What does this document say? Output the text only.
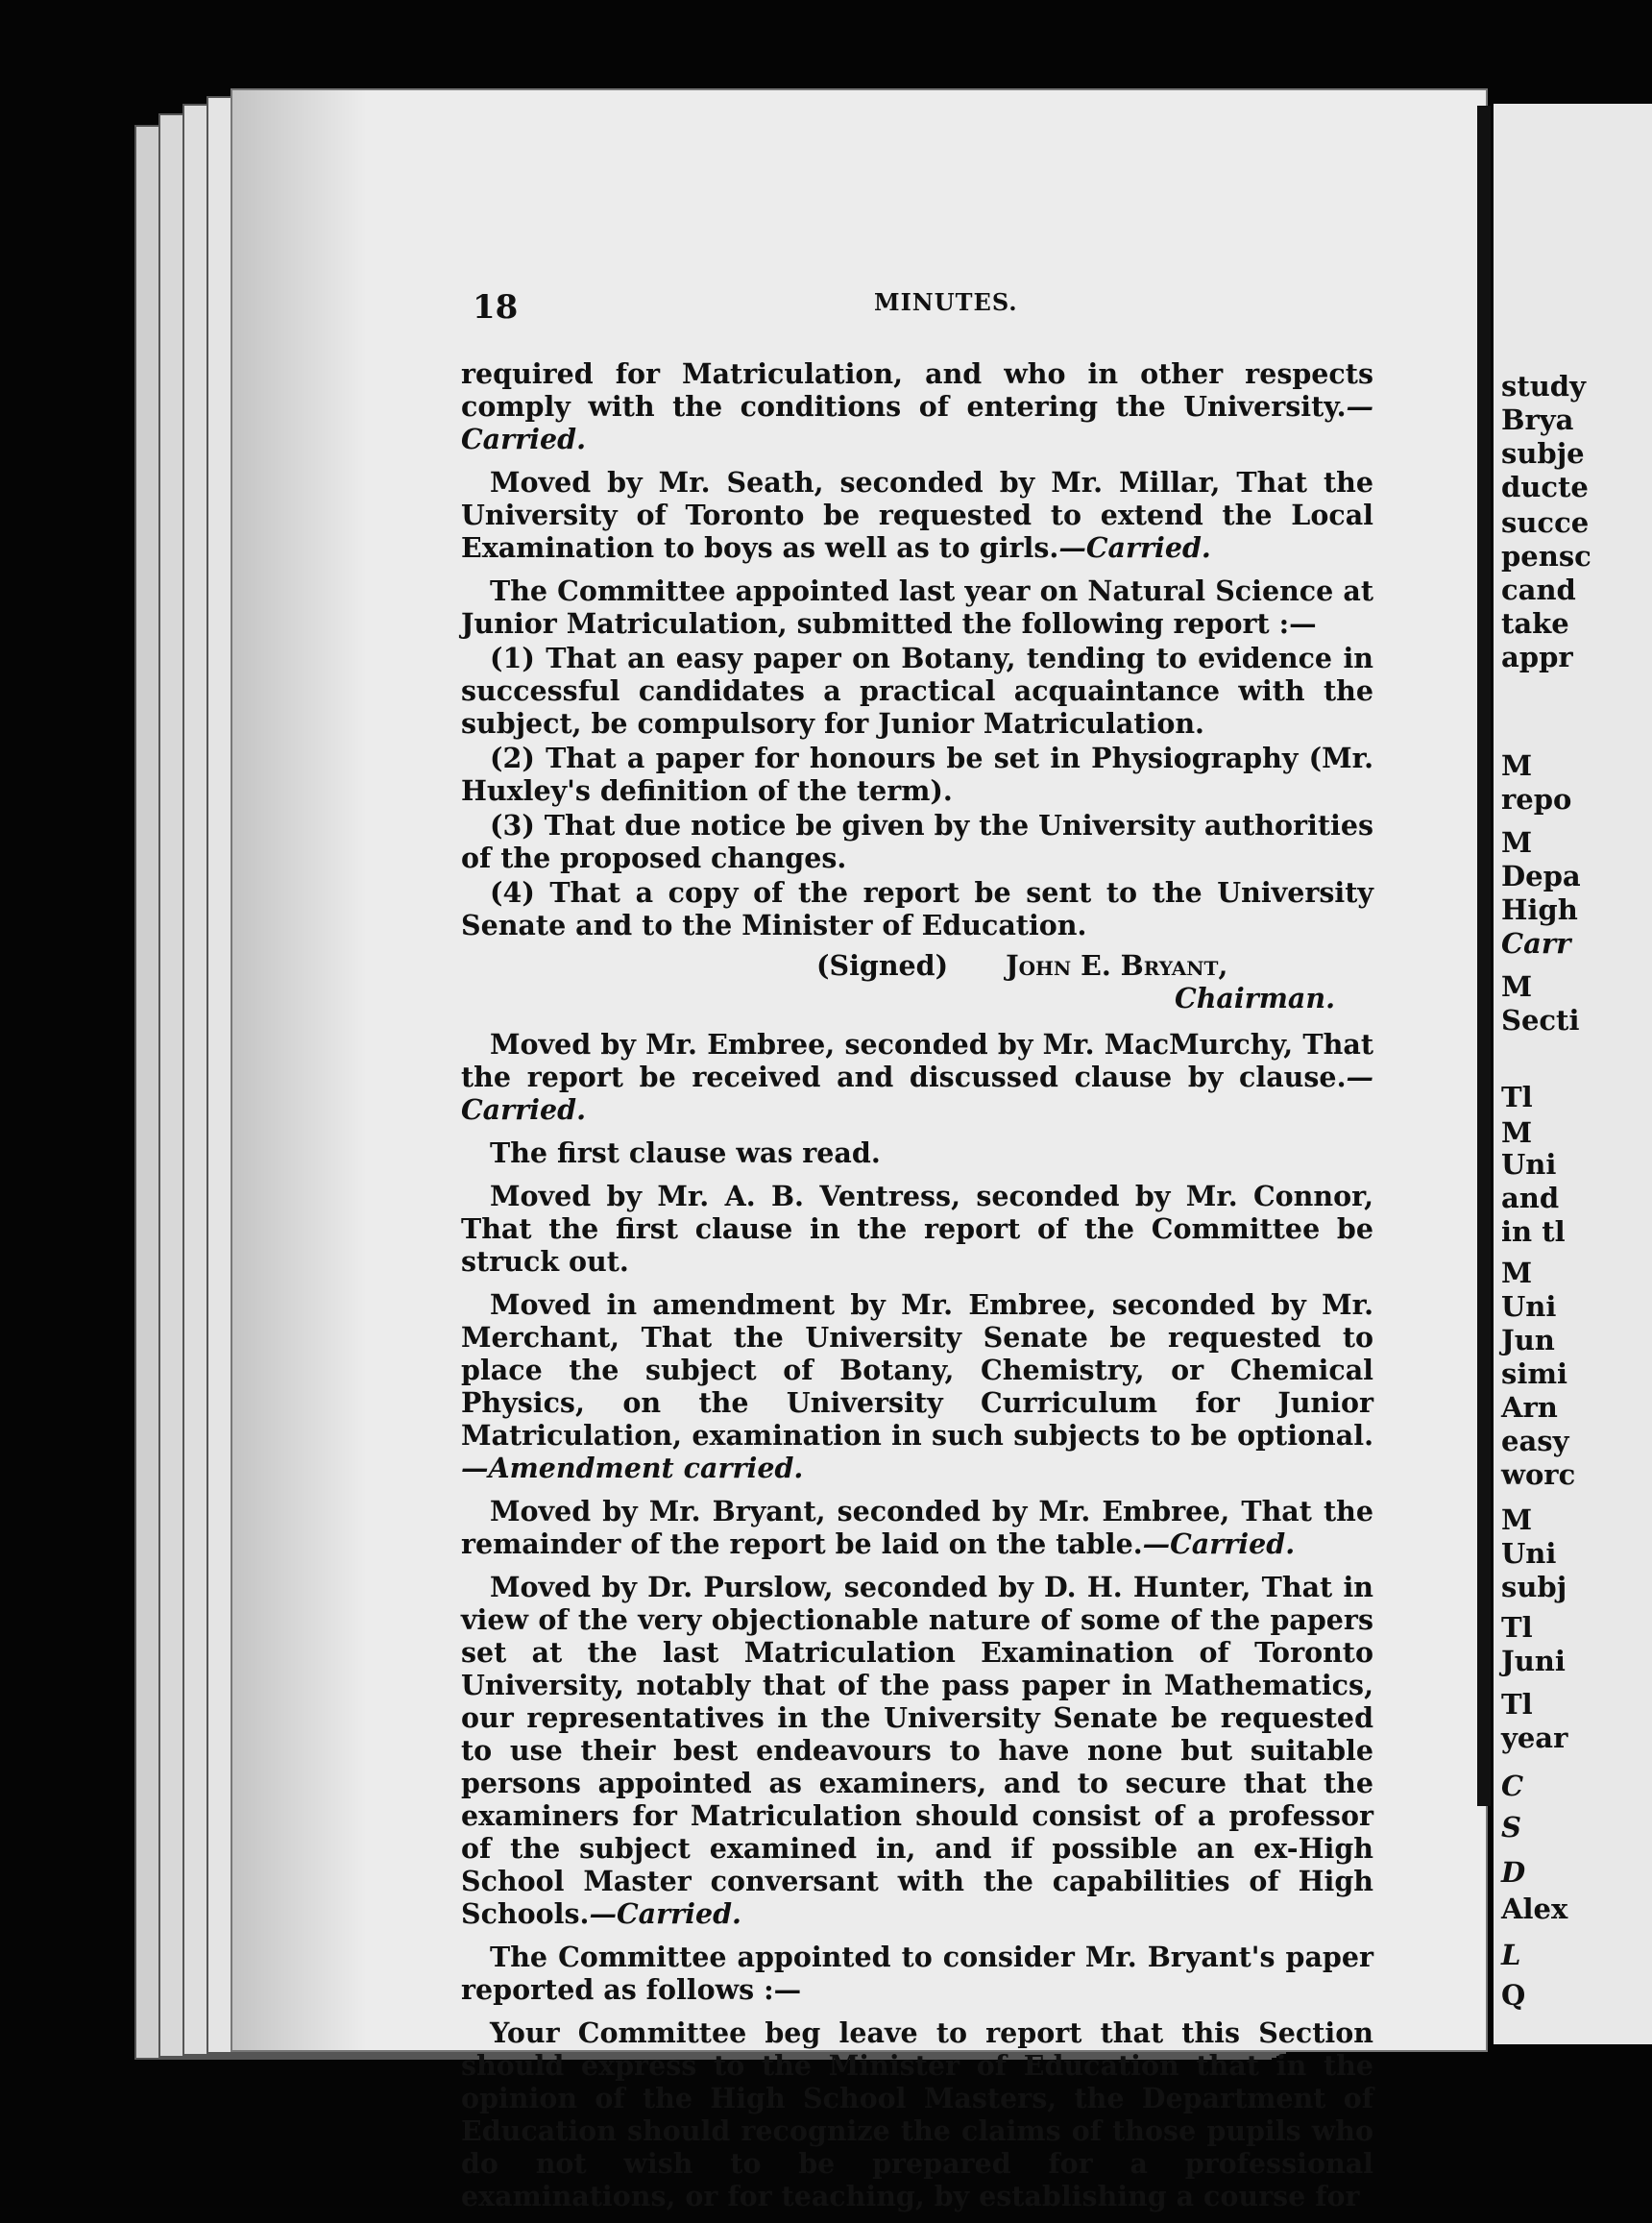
study
Brya
subje
ducte
succe
pensc
cand
take
appr
M
repo
M
Depa
High
Carr
M
Secti
Tl
M
Uni
and
in tl
M
Uni
Jun
simi
Arn
easy
worc
M
Uni
subj
Tl
Juni
Tl
year
C
S
D
Alex
L
Q
18	MINUTES.

required for Matriculation, and who in other respects comply with the conditions of entering the University.—Carried.

Moved by Mr. Seath, seconded by Mr. Millar, That the University of Toronto be requested to extend the Local Examination to boys as well as to girls.—Carried.

The Committee appointed last year on Natural Science at Junior Matriculation, submitted the following report :—

(1) That an easy paper on Botany, tending to evidence in successful candidates a practical acquaintance with the subject, be compulsory for Junior Matriculation.

(2) That a paper for honours be set in Physiography (Mr. Huxley's definition of the term).

(3) That due notice be given by the University authorities of the proposed changes.

(4) That a copy of the report be sent to the University Senate and to the Minister of Education.

(Signed) John E. Bryant,
Chairman.

Moved by Mr. Embree, seconded by Mr. MacMurchy, That the report be received and discussed clause by clause.—Carried.

The first clause was read.

Moved by Mr. A. B. Ventress, seconded by Mr. Connor, That the first clause in the report of the Committee be struck out.

Moved in amendment by Mr. Embree, seconded by Mr. Merchant, That the University Senate be requested to place the subject of Botany, Chemistry, or Chemical Physics, on the University Curriculum for Junior Matriculation, examination in such subjects to be optional.—Amendment carried.

Moved by Mr. Bryant, seconded by Mr. Embree, That the remainder of the report be laid on the table.—Carried.

Moved by Dr. Purslow, seconded by D. H. Hunter, That in view of the very objectionable nature of some of the papers set at the last Matriculation Examination of Toronto University, notably that of the pass paper in Mathematics, our representatives in the University Senate be requested to use their best endeavours to have none but suitable persons appointed as examiners, and to secure that the examiners for Matriculation should consist of a professor of the subject examined in, and if possible an ex-High School Master conversant with the capabilities of High Schools.—Carried.

The Committee appointed to consider Mr. Bryant's paper reported as follows :—

Your Committee beg leave to report that this Section should express to the Minister of Education that in the opinion of the High School Masters, the Department of Education should recognize the claims of those pupils who do not wish to be prepared for a professional examinations, or for teaching, by establishing a course for
